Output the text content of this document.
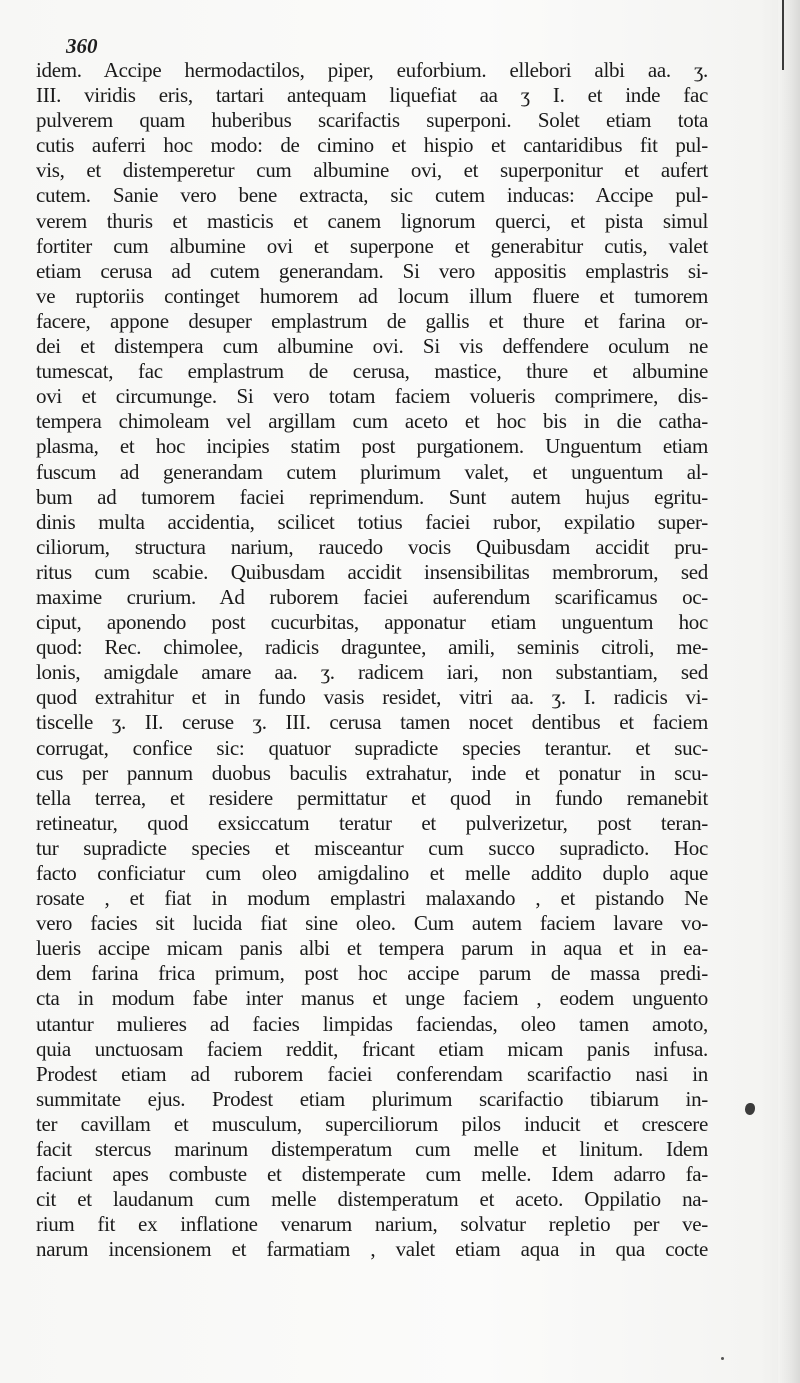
360
idem. Accipe hermodactilos, piper, euforbium. ellebori albi aa. ʒ.
III. viridis eris, tartari antequam liquefiat aa ʒ I. et inde fac
pulverem quam huberibus scarifactis superponi. Solet etiam tota
cutis auferri hoc modo: de cimino et hispio et cantaridibus fit pul-
vis, et distemperetur cum albumine ovi, et superponitur et aufert
cutem. Sanie vero bene extracta, sic cutem inducas: Accipe pul-
verem thuris et masticis et canem lignorum querci, et pista simul
fortiter cum albumine ovi et superpone et generabitur cutis, valet
etiam cerusa ad cutem generandam. Si vero appositis emplastris si-
ve ruptoriis continget humorem ad locum illum fluere et tumorem
facere, appone desuper emplastrum de gallis et thure et farina or-
dei et distempera cum albumine ovi. Si vis deffendere oculum ne
tumescat, fac emplastrum de cerusa, mastice, thure et albumine
ovi et circumunge. Si vero totam faciem volueris comprimere, dis-
tempera chimoleam vel argillam cum aceto et hoc bis in die catha-
plasma, et hoc incipies statim post purgationem. Unguentum etiam
fuscum ad generandam cutem plurimum valet, et unguentum al-
bum ad tumorem faciei reprimendum. Sunt autem hujus egritu-
dinis multa accidentia, scilicet totius faciei rubor, expilatio super-
ciliorum, structura narium, raucedo vocis Quibusdam accidit pru-
ritus cum scabie. Quibusdam accidit insensibilitas membrorum, sed
maxime crurium. Ad ruborem faciei auferendum scarificamus oc-
ciput, aponendo post cucurbitas, apponatur etiam unguentum hoc
quod: Rec. chimolee, radicis draguntee, amili, seminis citroli, me-
lonis, amigdale amare aa. ʒ. radicem iari, non substantiam, sed
quod extrahitur et in fundo vasis residet, vitri aa. ʒ. I. radicis vi-
tiscelle ʒ. II. ceruse ʒ. III. cerusa tamen nocet dentibus et faciem
corrugat, confice sic: quatuor supradicte species terantur. et suc-
cus per pannum duobus baculis extrahatur, inde et ponatur in scu-
tella terrea, et residere permittatur et quod in fundo remanebit
retineatur, quod exsiccatum teratur et pulverizetur, post teran-
tur supradicte species et misceantur cum succo supradicto. Hoc
facto conficiatur cum oleo amigdalino et melle addito duplo aque
rosate , et fiat in modum emplastri malaxando , et pistando Ne
vero facies sit lucida fiat sine oleo. Cum autem faciem lavare vo-
lueris accipe micam panis albi et tempera parum in aqua et in ea-
dem farina frica primum, post hoc accipe parum de massa predi-
cta in modum fabe inter manus et unge faciem , eodem unguento
utantur mulieres ad facies limpidas faciendas, oleo tamen amoto,
quia unctuosam faciem reddit, fricant etiam micam panis infusa.
Prodest etiam ad ruborem faciei conferendam scarifactio nasi in
summitate ejus. Prodest etiam plurimum scarifactio tibiarum in-
ter cavillam et musculum, superciliorum pilos inducit et crescere
facit stercus marinum distemperatum cum melle et linitum. Idem
faciunt apes combuste et distemperate cum melle. Idem adarro fa-
cit et laudanum cum melle distemperatum et aceto. Oppilatio na-
rium fit ex inflatione venarum narium, solvatur repletio per ve-
narum incensionem et farmatiam , valet etiam aqua in qua cocte
